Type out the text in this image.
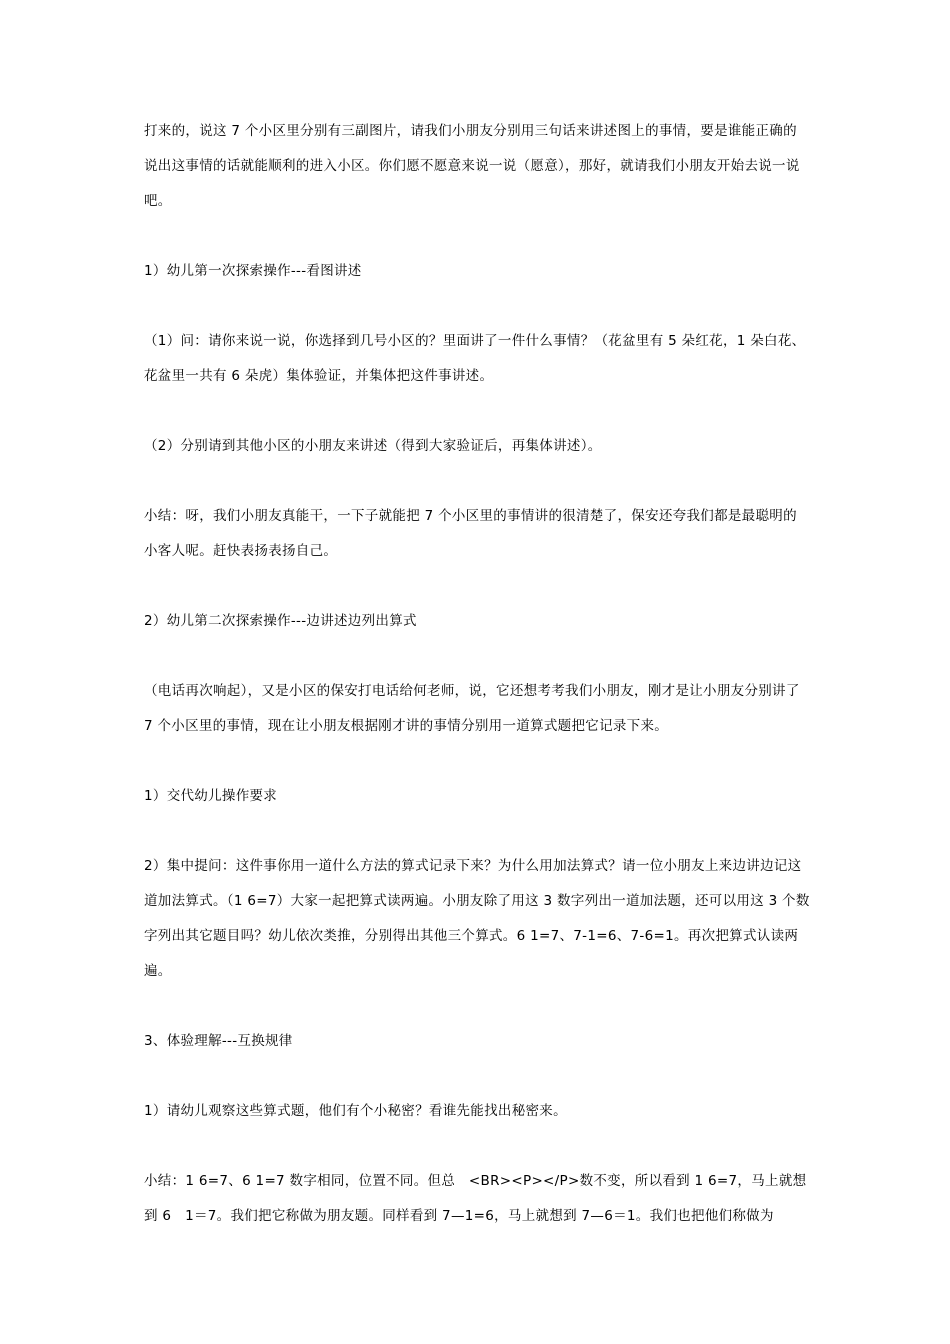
打来的，说这 7 个小区里分别有三副图片，请我们小朋友分别用三句话来讲述图上的事情，要是谁能正确的说出这事情的话就能顺利的进入小区。你们愿不愿意来说一说（愿意），那好，就请我们小朋友开始去说一说吧。

1）幼儿第一次探索操作---看图讲述

（1）问：请你来说一说，你选择到几号小区的？里面讲了一件什么事情？（花盆里有 5 朵红花，1 朵白花、花盆里一共有 6 朵虎）集体验证，并集体把这件事讲述。

（2）分别请到其他小区的小朋友来讲述（得到大家验证后，再集体讲述）。

小结：呀，我们小朋友真能干，一下子就能把 7 个小区里的事情讲的很清楚了，保安还夸我们都是最聪明的小客人呢。赶快表扬表扬自己。

2）幼儿第二次探索操作---边讲述边列出算式

（电话再次响起），又是小区的保安打电话给何老师，说，它还想考考我们小朋友，刚才是让小朋友分别讲了 7 个小区里的事情，现在让小朋友根据刚才讲的事情分别用一道算式题把它记录下来。

1）交代幼儿操作要求

2）集中提问：这件事你用一道什么方法的算式记录下来？为什么用加法算式？请一位小朋友上来边讲边记这道加法算式。（1 6=7）大家一起把算式读两遍。小朋友除了用这 3 数字列出一道加法题，还可以用这 3 个数字列出其它题目吗？幼儿依次类推，分别得出其他三个算式。6 1=7、7-1=6、7-6=1。再次把算式认读两遍。

3、体验理解---互换规律

1）请幼儿观察这些算式题，他们有个小秘密？看谁先能找出秘密来。

小结：1 6=7、6 1=7 数字相同，位置不同。但总　<BR><P></P>数不变，所以看到 1 6=7，马上就想到 6　1＝7。我们把它称做为朋友题。同样看到 7—1=6，马上就想到 7—6＝1。我们也把他们称做为
